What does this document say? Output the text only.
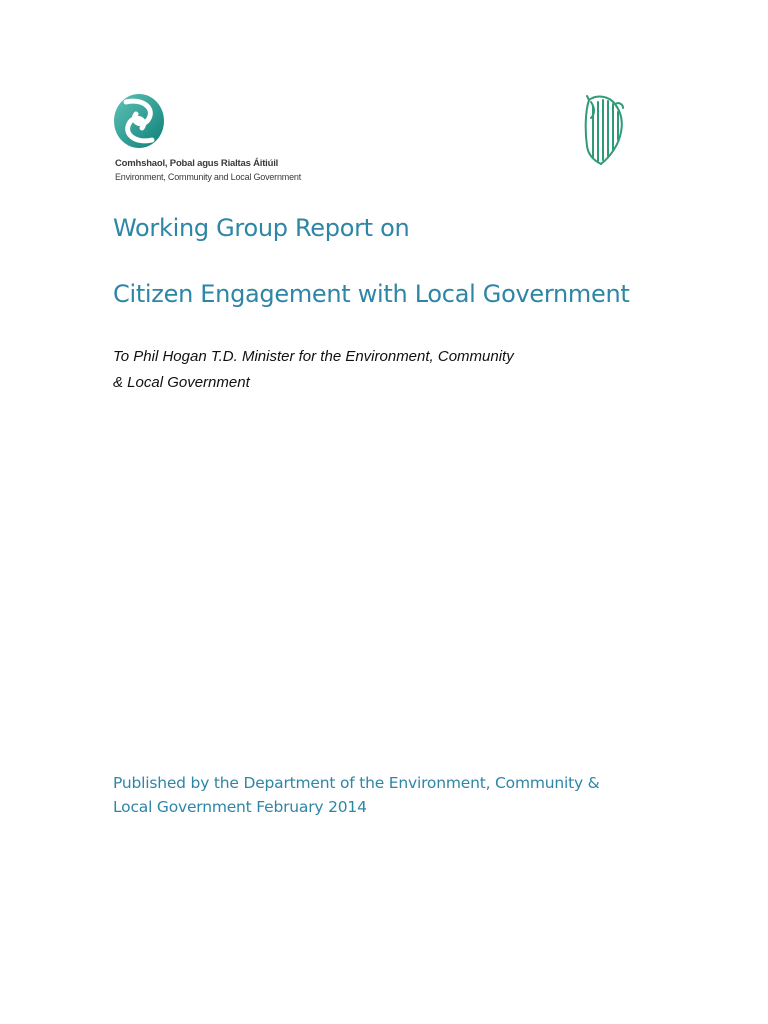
Comhshaol, Pobal agus Rialtas Áitiúil
Environment, Community and Local Government
Working Group Report on
Citizen Engagement with Local Government
To Phil Hogan T.D. Minister for the Environment, Community
& Local Government
Published by the Department of the Environment, Community &
Local Government February 2014
